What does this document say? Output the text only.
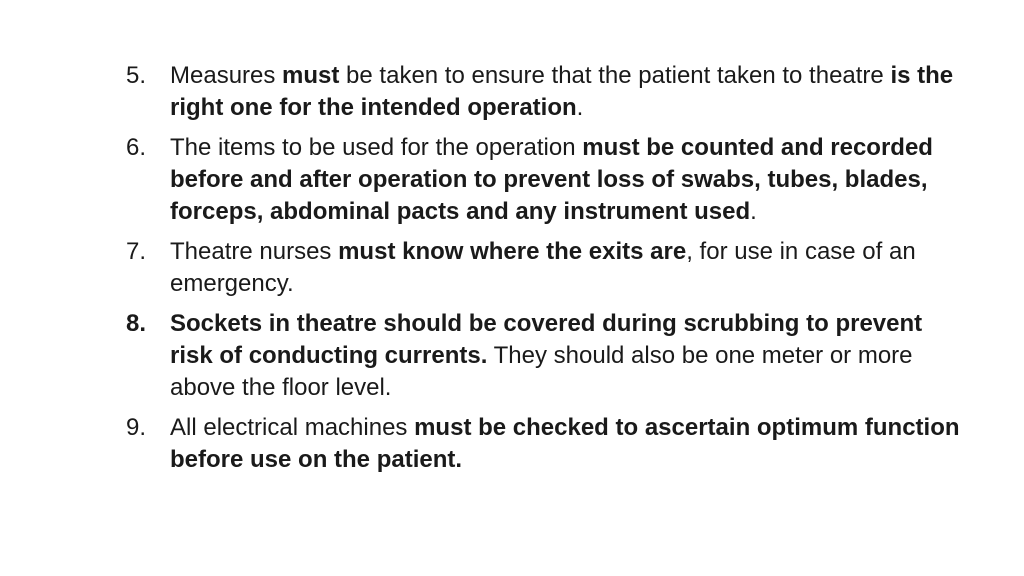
5. Measures must be taken to ensure that the patient taken to theatre is the right one for the intended operation.
6. The items to be used for the operation must be counted and recorded before and after operation to prevent loss of swabs, tubes, blades, forceps, abdominal pacts and any instrument used.
7. Theatre nurses must know where the exits are, for use in case of an emergency.
8. Sockets in theatre should be covered during scrubbing to prevent risk of conducting currents. They should also be one meter or more above the floor level.
9. All electrical machines must be checked to ascertain optimum function before use on the patient.
